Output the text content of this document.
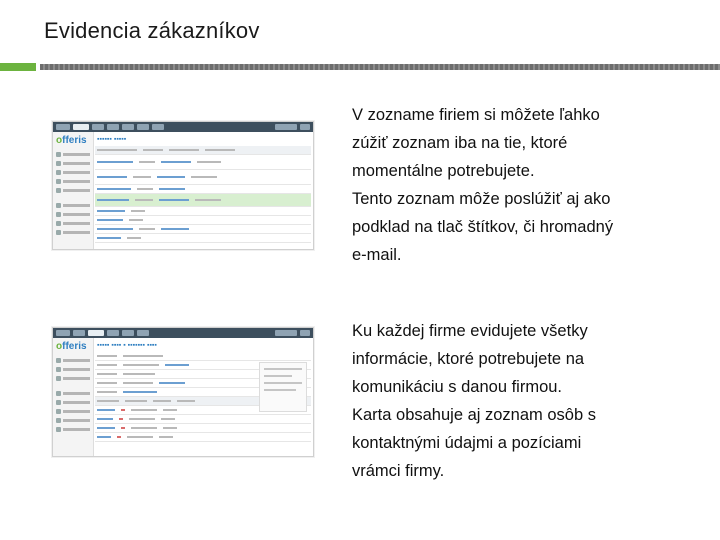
Evidencia zákazníkov
offeris	▪▪▪▪▪▪ ▪▪▪▪▪
offeris	▪▪▪▪▪ ▪▪▪▪ ▪ ▪▪▪▪▪▪▪ ▪▪▪▪

V zozname firiem si môžete ľahko

zúžiť zoznam iba na tie, ktoré

momentálne potrebujete.

Tento zoznam môže poslúžiť aj ako

podklad na tlač štítkov, či hromadný

e-mail.

Ku každej firme evidujete všetky

informácie, ktoré potrebujete na

komunikáciu s danou firmou.

Karta obsahuje aj zoznam osôb s

kontaktnými údajmi a pozíciami

vrámci firmy.
